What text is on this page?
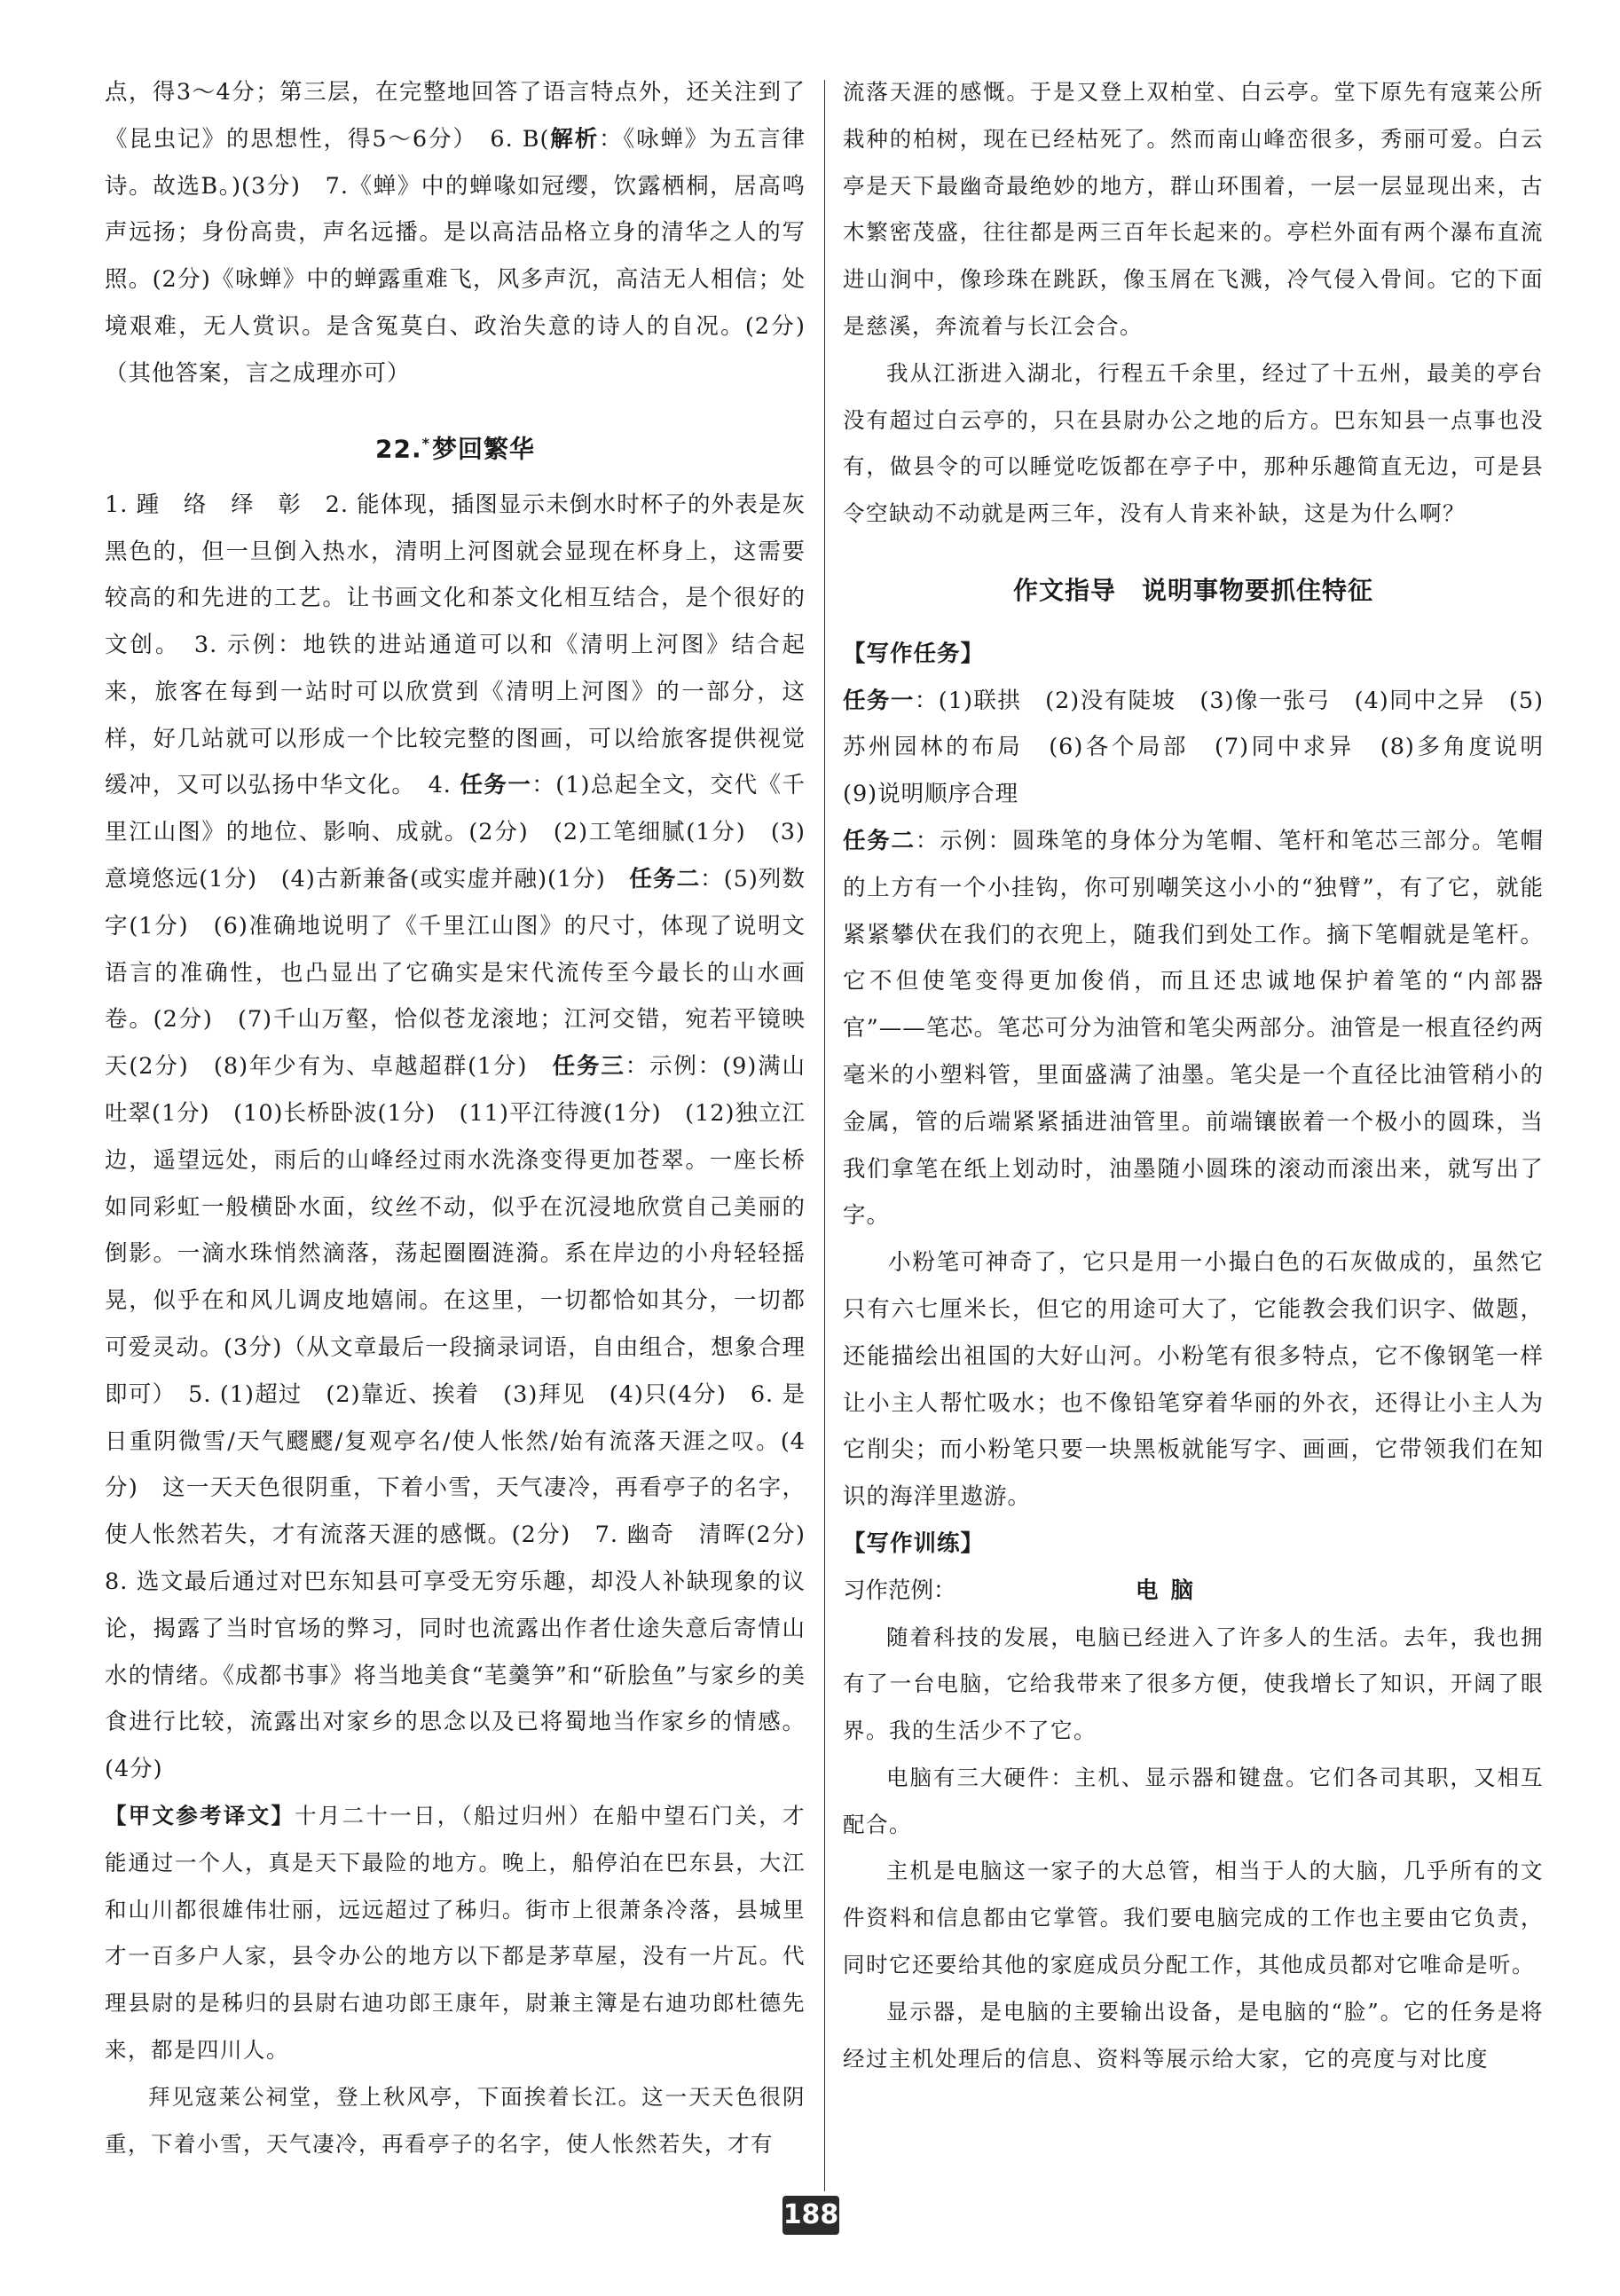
点，得3～4分；第三层，在完整地回答了语言特点外，还关注到了《昆虫记》的思想性，得5～6分）　6. B(解析：《咏蝉》为五言律诗。故选B。)(3分)　7.《蝉》中的蝉喙如冠缨，饮露栖桐，居高鸣声远扬；身份高贵，声名远播。是以高洁品格立身的清华之人的写照。(2分)《咏蝉》中的蝉露重难飞，风多声沉，高洁无人相信；处境艰难，无人赏识。是含冤莫白、政治失意的诗人的自况。(2分)（其他答案，言之成理亦可）

22.*梦回繁华

1. 踵　络　绎　彰　2. 能体现，插图显示未倒水时杯子的外表是灰黑色的，但一旦倒入热水，清明上河图就会显现在杯身上，这需要较高的和先进的工艺。让书画文化和茶文化相互结合，是个很好的文创。　3. 示例：地铁的进站通道可以和《清明上河图》结合起来，旅客在每到一站时可以欣赏到《清明上河图》的一部分，这样，好几站就可以形成一个比较完整的图画，可以给旅客提供视觉缓冲，又可以弘扬中华文化。　4. 任务一：(1)总起全文，交代《千里江山图》的地位、影响、成就。(2分)　(2)工笔细腻(1分)　(3)意境悠远(1分)　(4)古新兼备(或实虚并融)(1分)　任务二：(5)列数字(1分)　(6)准确地说明了《千里江山图》的尺寸，体现了说明文语言的准确性，也凸显出了它确实是宋代流传至今最长的山水画卷。(2分)　(7)千山万壑，恰似苍龙滚地；江河交错，宛若平镜映天(2分)　(8)年少有为、卓越超群(1分)　任务三：示例：(9)满山吐翠(1分)　(10)长桥卧波(1分)　(11)平江待渡(1分)　(12)独立江边，遥望远处，雨后的山峰经过雨水洗涤变得更加苍翠。一座长桥如同彩虹一般横卧水面，纹丝不动，似乎在沉浸地欣赏自己美丽的倒影。一滴水珠悄然滴落，荡起圈圈涟漪。系在岸边的小舟轻轻摇晃，似乎在和风儿调皮地嬉闹。在这里，一切都恰如其分，一切都可爱灵动。(3分)（从文章最后一段摘录词语，自由组合，想象合理即可）　5. (1)超过　(2)靠近、挨着　(3)拜见　(4)只(4分)　6. 是日重阴微雪/天气飂飂/复观亭名/使人怅然/始有流落天涯之叹。(4分)　这一天天色很阴重，下着小雪，天气凄冷，再看亭子的名字，使人怅然若失，才有流落天涯的感慨。(2分)　7. 幽奇　清晖(2分)　8. 选文最后通过对巴东知县可享受无穷乐趣，却没人补缺现象的议论，揭露了当时官场的弊习，同时也流露出作者仕途失意后寄情山水的情绪。《成都书事》将当地美食“芼羹笋”和“斫脍鱼”与家乡的美食进行比较，流露出对家乡的思念以及已将蜀地当作家乡的情感。(4分)

【甲文参考译文】十月二十一日，（船过归州）在船中望石门关，才能通过一个人，真是天下最险的地方。晚上，船停泊在巴东县，大江和山川都很雄伟壮丽，远远超过了秭归。街市上很萧条冷落，县城里才一百多户人家，县令办公的地方以下都是茅草屋，没有一片瓦。代理县尉的是秭归的县尉右迪功郎王康年，尉兼主簿是右迪功郎杜德先来，都是四川人。

拜见寇莱公祠堂，登上秋风亭，下面挨着长江。这一天天色很阴重，下着小雪，天气凄冷，再看亭子的名字，使人怅然若失，才有

流落天涯的感慨。于是又登上双柏堂、白云亭。堂下原先有寇莱公所栽种的柏树，现在已经枯死了。然而南山峰峦很多，秀丽可爱。白云亭是天下最幽奇最绝妙的地方，群山环围着，一层一层显现出来，古木繁密茂盛，往往都是两三百年长起来的。亭栏外面有两个瀑布直流进山涧中，像珍珠在跳跃，像玉屑在飞溅，冷气侵入骨间。它的下面是慈溪，奔流着与长江会合。

我从江浙进入湖北，行程五千余里，经过了十五州，最美的亭台没有超过白云亭的，只在县尉办公之地的后方。巴东知县一点事也没有，做县令的可以睡觉吃饭都在亭子中，那种乐趣简直无边，可是县令空缺动不动就是两三年，没有人肯来补缺，这是为什么啊？

作文指导　说明事物要抓住特征

【写作任务】

任务一：(1)联拱　(2)没有陡坡　(3)像一张弓　(4)同中之异　(5)苏州园林的布局　(6)各个局部　(7)同中求异　(8)多角度说明　(9)说明顺序合理

任务二：示例：圆珠笔的身体分为笔帽、笔杆和笔芯三部分。笔帽的上方有一个小挂钩，你可别嘲笑这小小的“独臂”，有了它，就能紧紧攀伏在我们的衣兜上，随我们到处工作。摘下笔帽就是笔杆。它不但使笔变得更加俊俏，而且还忠诚地保护着笔的“内部器官”——笔芯。笔芯可分为油管和笔尖两部分。油管是一根直径约两毫米的小塑料管，里面盛满了油墨。笔尖是一个直径比油管稍小的金属，管的后端紧紧插进油管里。前端镶嵌着一个极小的圆珠，当我们拿笔在纸上划动时，油墨随小圆珠的滚动而滚出来，就写出了字。

小粉笔可神奇了，它只是用一小撮白色的石灰做成的，虽然它只有六七厘米长，但它的用途可大了，它能教会我们识字、做题，还能描绘出祖国的大好山河。小粉笔有很多特点，它不像钢笔一样让小主人帮忙吸水；也不像铅笔穿着华丽的外衣，还得让小主人为它削尖；而小粉笔只要一块黑板就能写字、画画，它带领我们在知识的海洋里遨游。

【写作训练】

习作范例：	电脑

随着科技的发展，电脑已经进入了许多人的生活。去年，我也拥有了一台电脑，它给我带来了很多方便，使我增长了知识，开阔了眼界。我的生活少不了它。

电脑有三大硬件：主机、显示器和键盘。它们各司其职，又相互配合。

主机是电脑这一家子的大总管，相当于人的大脑，几乎所有的文件资料和信息都由它掌管。我们要电脑完成的工作也主要由它负责，同时它还要给其他的家庭成员分配工作，其他成员都对它唯命是听。

显示器，是电脑的主要输出设备，是电脑的“脸”。它的任务是将经过主机处理后的信息、资料等展示给大家，它的亮度与对比度

188
